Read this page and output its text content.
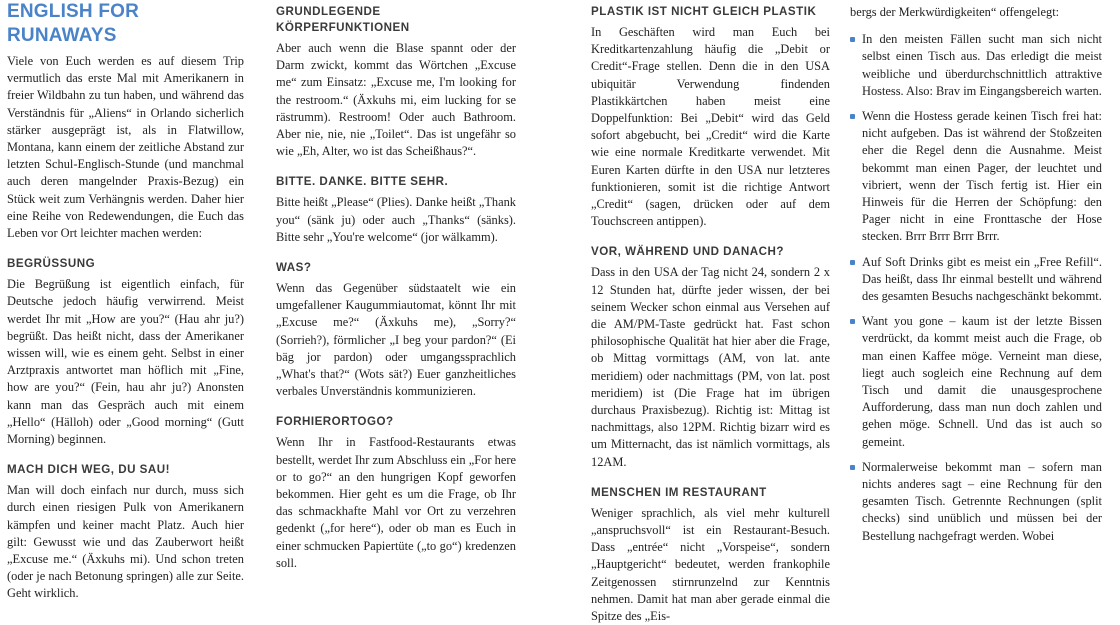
ENGLISH FOR RUNAWAYS

Viele von Euch werden es auf diesem Trip vermutlich das erste Mal mit Amerikanern in freier Wildbahn zu tun haben, und während das Verständnis für „Aliens“ in Orlando sicherlich stärker ausgeprägt ist, als in Flatwillow, Montana, kann einem der zeitliche Abstand zur letzten Schul-Englisch-Stunde (und manchmal auch deren mangelnder Praxis-Bezug) ein Stück weit zum Verhängnis werden. Daher hier eine Reihe von Redewendungen, die Euch das Leben vor Ort leichter machen werden:

BEGRÜSSUNG

Die Begrüßung ist eigentlich einfach, für Deutsche jedoch häufig verwirrend. Meist werdet Ihr mit „How are you?“ (Hau ahr ju?) begrüßt. Das heißt nicht, dass der Amerikaner wissen will, wie es einem geht. Selbst in einer Arztpraxis antwortet man höflich mit „Fine, how are you?“ (Fein, hau ahr ju?) Anonsten kann man das Gespräch auch mit einem „Hello“ (Hälloh) oder „Good morning“ (Gutt Morning) beginnen.

MACH DICH WEG, DU SAU!

Man will doch einfach nur durch, muss sich durch einen riesigen Pulk von Amerikanern kämpfen und keiner macht Platz. Auch hier gilt: Gewusst wie und das Zauberwort heißt „Excuse me.“ (Äxkuhs mi). Und schon treten (oder je nach Betonung springen) alle zur Seite. Geht wirklich.

GRUNDLEGENDE KÖRPERFUNKTIONEN

Aber auch wenn die Blase spannt oder der Darm zwickt, kommt das Wörtchen „Excuse me“ zum Einsatz: „Excuse me, I'm looking for the restroom.“ (Äxkuhs mi, eim lucking for se rästrumm). Restroom! Oder auch Bathroom. Aber nie, nie, nie „Toilet“. Das ist ungefähr so wie „Eh, Alter, wo ist das Scheißhaus?“.

BITTE. DANKE. BITTE SEHR.

Bitte heißt „Please“ (Plies). Danke heißt „Thank you“ (sänk ju) oder auch „Thanks“ (sänks). Bitte sehr „You're welcome“ (jor wälkamm).

WAS?

Wenn das Gegenüber südstaatelt wie ein umgefallener Kaugummiautomat, könnt Ihr mit „Excuse me?“ (Äxkuhs me), „Sorry?“ (Sorrieh?), förmlicher „I beg your pardon?“ (Ei bäg jor pardon) oder umgangssprachlich „What's that?“ (Wots sät?) Euer ganzheitliches verbales Unverständnis kommunizieren.

FORHIERORTOGO?

Wenn Ihr in Fastfood-Restaurants etwas bestellt, werdet Ihr zum Abschluss ein „For here or to go?“ an den hungrigen Kopf geworfen bekommen. Hier geht es um die Frage, ob Ihr das schmackhafte Mahl vor Ort zu verzehren gedenkt („for here“), oder ob man es Euch in einer schmucken Papiertüte („to go“) kredenzen soll.

PLASTIK IST NICHT GLEICH PLASTIK

In Geschäften wird man Euch bei Kreditkartenzahlung häufig die „Debit or Credit“-Frage stellen. Denn die in den USA ubiquitär Verwendung findenden Plastikkärtchen haben meist eine Doppelfunktion: Bei „Debit“ wird das Geld sofort abgebucht, bei „Credit“ wird die Karte wie eine normale Kreditkarte verwendet. Mit Euren Karten dürfte in den USA nur letzteres funktionieren, somit ist die richtige Antwort „Credit“ (sagen, drücken oder auf dem Touchscreen antippen).

VOR, WÄHREND UND DANACH?

Dass in den USA der Tag nicht 24, sondern 2 x 12 Stunden hat, dürfte jeder wissen, der bei seinem Wecker schon einmal aus Versehen auf die AM/PM-Taste gedrückt hat. Fast schon philosophische Qualität hat hier aber die Frage, ob Mittag vormittags (AM, von lat. ante meridiem) oder nachmittags (PM, von lat. post meridiem) ist (Die Frage hat im übrigen durchaus Praxisbezug). Richtig ist: Mittag ist nachmittags, also 12PM. Richtig bizarr wird es um Mitternacht, das ist nämlich vormittags, als 12AM.

MENSCHEN IM RESTAURANT

Weniger sprachlich, als viel mehr kulturell „anspruchsvoll“ ist ein Restaurant-Besuch. Dass „entrée“ nicht „Vorspeise“, sondern „Hauptgericht“ bedeutet, werden frankophile Zeitgenossen stirnrunzelnd zur Kenntnis nehmen. Damit hat man aber gerade einmal die Spitze des „Eis-

bergs der Merkwürdigkeiten“ offengelegt:

In den meisten Fällen sucht man sich nicht selbst einen Tisch aus. Das erledigt die meist weibliche und überdurchschnittlich attraktive Hostess. Also: Brav im Eingangsbereich warten.
Wenn die Hostess gerade keinen Tisch frei hat: nicht aufgeben. Das ist während der Stoßzeiten eher die Regel denn die Ausnahme. Meist bekommt man einen Pager, der leuchtet und vibriert, wenn der Tisch fertig ist. Hier ein Hinweis für die Herren der Schöpfung: den Pager nicht in eine Fronttasche der Hose stecken. Brrr Brrr Brrr Brrr.
Auf Soft Drinks gibt es meist ein „Free Refill“. Das heißt, dass Ihr einmal bestellt und während des gesamten Besuchs nachgeschänkt bekommt.
Want you gone – kaum ist der letzte Bissen verdrückt, da kommt meist auch die Frage, ob man einen Kaffee möge. Verneint man diese, liegt auch sogleich eine Rechnung auf dem Tisch und damit die unausgesprochene Aufforderung, dass man nun doch zahlen und gehen möge. Schnell. Und das ist auch so gemeint.
Normalerweise bekommt man – sofern man nichts anderes sagt – eine Rechnung für den gesamten Tisch. Getrennte Rechnungen (split checks) sind unüblich und müssen bei der Bestellung nachgefragt werden. Wobei
